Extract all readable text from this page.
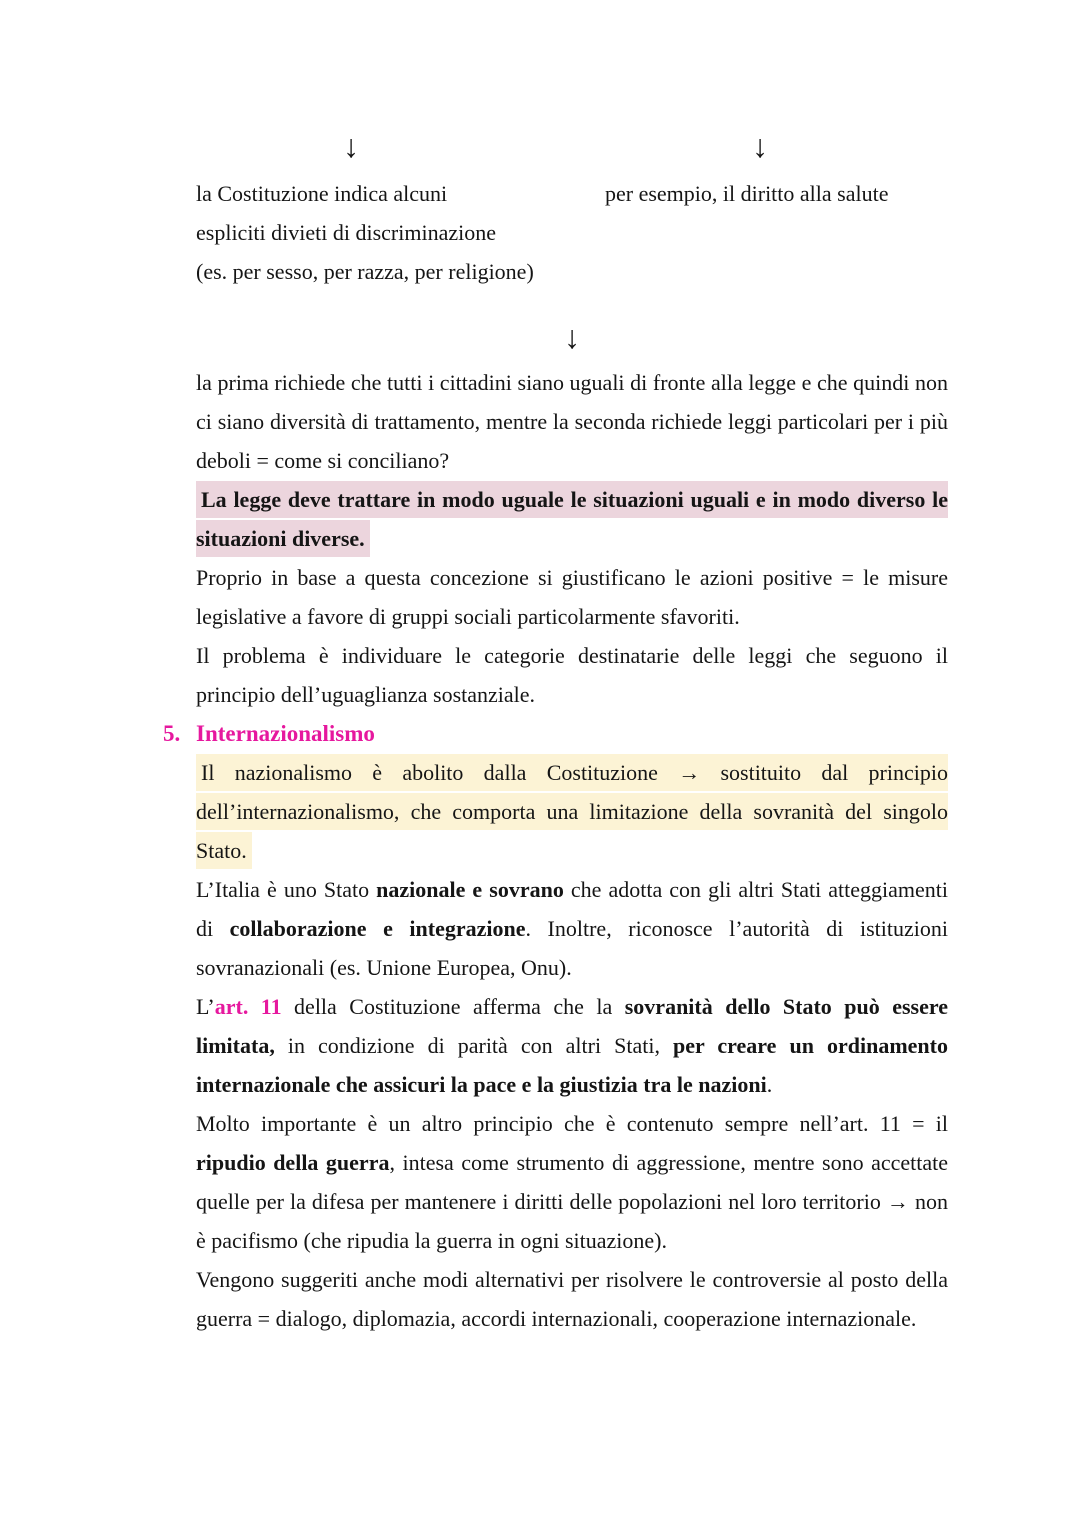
↓
la Costituzione indica alcuni
espliciti divieti di discriminazione
(es. per sesso, per razza, per religione)
↓
per esempio, il diritto alla salute
↓

la prima richiede che tutti i cittadini siano uguali di fronte alla legge e che quindi non ci siano diversità di trattamento, mentre la seconda richiede leggi particolari per i più deboli = come si conciliano?

La legge deve trattare in modo uguale le situazioni uguali e in modo diverso le situazioni diverse.

Proprio in base a questa concezione si giustificano le azioni positive = le misure legislative a favore di gruppi sociali particolarmente sfavoriti.

Il problema è individuare le categorie destinatarie delle leggi che seguono il principio dell’uguaglianza sostanziale.

5. Internazionalismo

Il nazionalismo è abolito dalla Costituzione → sostituito dal principio dell’internazionalismo, che comporta una limitazione della sovranità del singolo Stato.

L’Italia è uno Stato nazionale e sovrano che adotta con gli altri Stati atteggiamenti di collaborazione e integrazione. Inoltre, riconosce l’autorità di istituzioni sovranazionali (es. Unione Europea, Onu).

L’art. 11 della Costituzione afferma che la sovranità dello Stato può essere limitata, in condizione di parità con altri Stati, per creare un ordinamento internazionale che assicuri la pace e la giustizia tra le nazioni.

Molto importante è un altro principio che è contenuto sempre nell’art. 11 = il ripudio della guerra, intesa come strumento di aggressione, mentre sono accettate quelle per la difesa per mantenere i diritti delle popolazioni nel loro territorio → non è pacifismo (che ripudia la guerra in ogni situazione).

Vengono suggeriti anche modi alternativi per risolvere le controversie al posto della guerra = dialogo, diplomazia, accordi internazionali, cooperazione internazionale.
